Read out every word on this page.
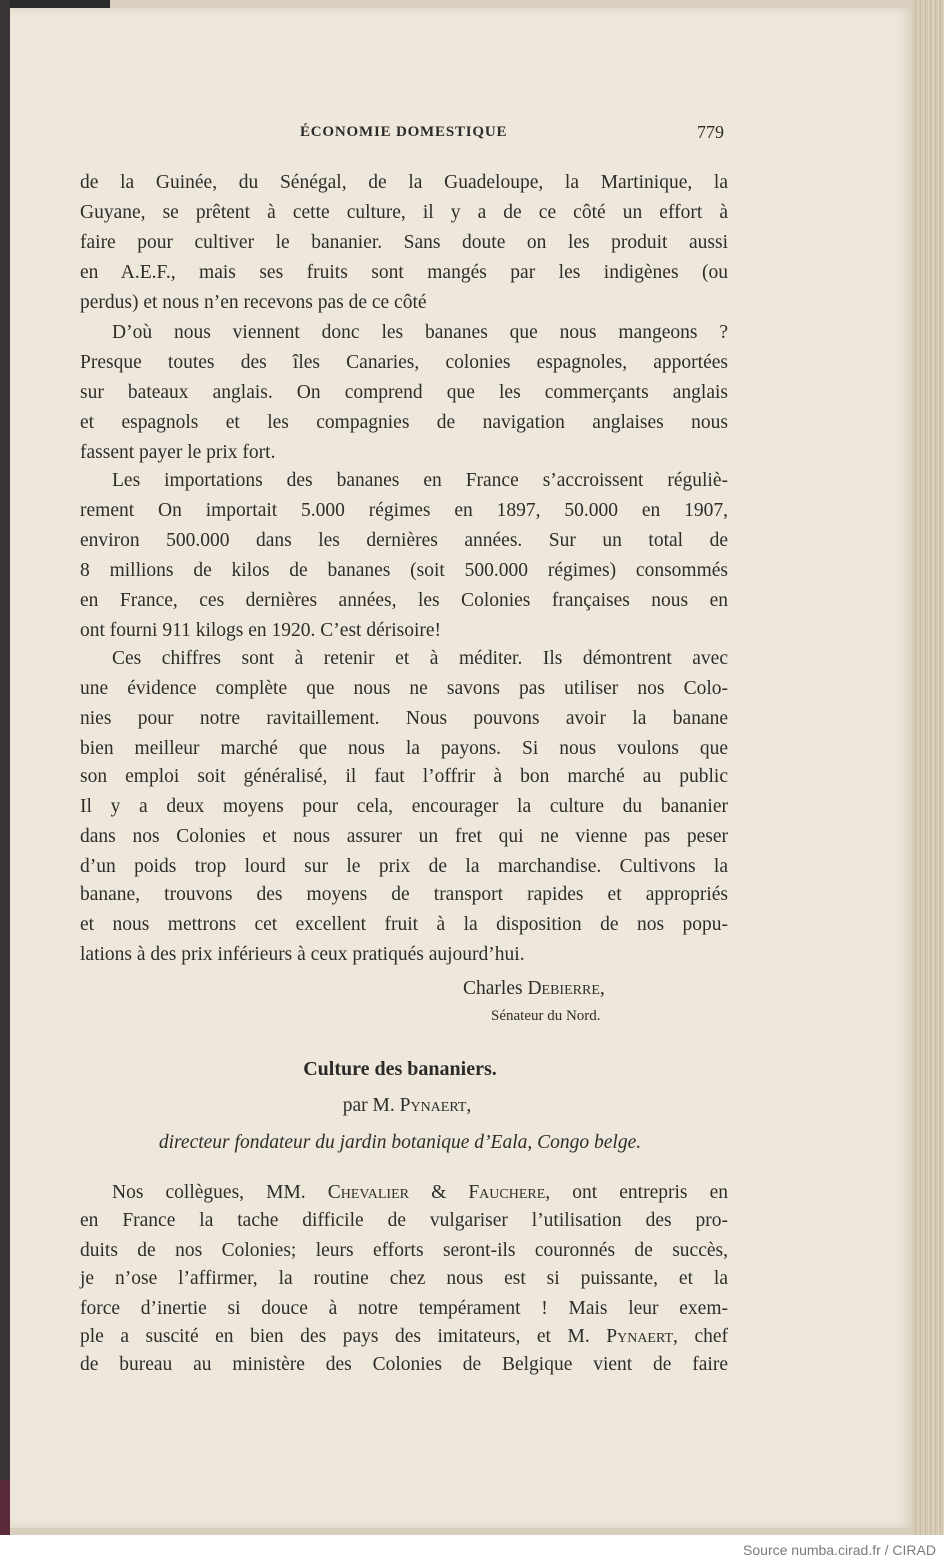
ÉCONOMIE DOMESTIQUE	779
de la Guinée, du Sénégal, de la Guadeloupe, la Martinique, la
Guyane, se prêtent à cette culture, il y a de ce côté un effort à
faire pour cultiver le bananier. Sans doute on les produit aussi
en A.E.F., mais ses fruits sont mangés par les indigènes (ou
perdus) et nous n’en recevons pas de ce côté
D’où nous viennent donc les bananes que nous mangeons ?
Presque toutes des îles Canaries, colonies espagnoles, apportées
sur bateaux anglais. On comprend que les commerçants anglais
et espagnols et les compagnies de navigation anglaises nous
fassent payer le prix fort.
Les importations des bananes en France s’accroissent réguliè-
rement On importait 5.000 régimes en 1897, 50.000 en 1907,
environ 500.000 dans les dernières années. Sur un total de
8 millions de kilos de bananes (soit 500.000 régimes) consommés
en France, ces dernières années, les Colonies françaises nous en
ont fourni 911 kilogs en 1920. C’est dérisoire!
Ces chiffres sont à retenir et à méditer. Ils démontrent avec
une évidence complète que nous ne savons pas utiliser nos Colo-
nies pour notre ravitaillement. Nous pouvons avoir la banane
bien meilleur marché que nous la payons. Si nous voulons que
son emploi soit généralisé, il faut l’offrir à bon marché au public
Il y a deux moyens pour cela, encourager la culture du bananier
dans nos Colonies et nous assurer un fret qui ne vienne pas peser
d’un poids trop lourd sur le prix de la marchandise. Cultivons la
banane, trouvons des moyens de transport rapides et appropriés
et nous mettrons cet excellent fruit à la disposition de nos popu-
lations à des prix inférieurs à ceux pratiqués aujourd’hui.
Charles Debierre,
Sénateur du Nord.
Culture des bananiers.
par M. Pynaert,
directeur fondateur du jardin botanique d’Eala, Congo belge.
Nos collègues, MM. Chevalier & Fauchere, ont entrepris en
en France la tache difficile de vulgariser l’utilisation des pro-
duits de nos Colonies; leurs efforts seront-ils couronnés de succès,
je n’ose l’affirmer, la routine chez nous est si puissante, et la
force d’inertie si douce à notre tempérament ! Mais leur exem-
ple a suscité en bien des pays des imitateurs, et M. Pynaert, chef
de bureau au ministère des Colonies de Belgique vient de faire
Source numba.cirad.fr / CIRAD
